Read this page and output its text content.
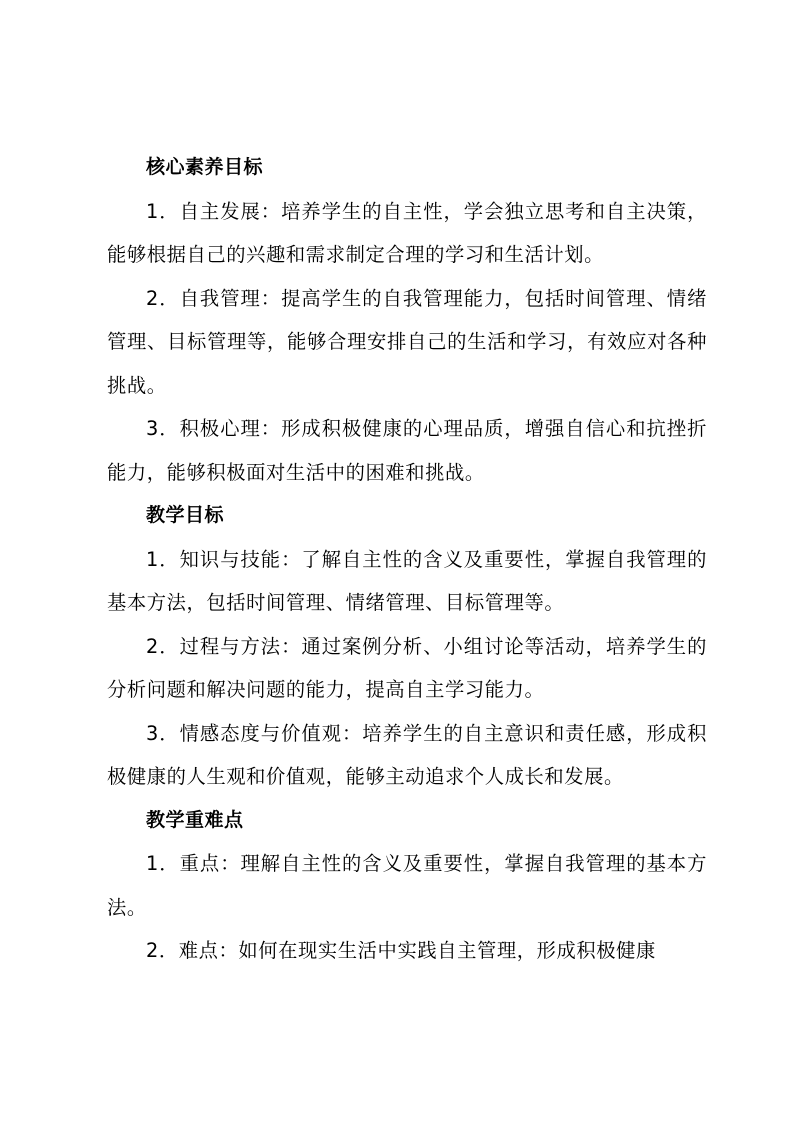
核心素养目标

1．自主发展：培养学生的自主性，学会独立思考和自主决策，能够根据自己的兴趣和需求制定合理的学习和生活计划。

2．自我管理：提高学生的自我管理能力，包括时间管理、情绪管理、目标管理等，能够合理安排自己的生活和学习，有效应对各种挑战。

3．积极心理：形成积极健康的心理品质，增强自信心和抗挫折能力，能够积极面对生活中的困难和挑战。

教学目标

1．知识与技能：了解自主性的含义及重要性，掌握自我管理的基本方法，包括时间管理、情绪管理、目标管理等。

2．过程与方法：通过案例分析、小组讨论等活动，培养学生的分析问题和解决问题的能力，提高自主学习能力。

3．情感态度与价值观：培养学生的自主意识和责任感，形成积极健康的人生观和价值观，能够主动追求个人成长和发展。

教学重难点

1．重点：理解自主性的含义及重要性，掌握自我管理的基本方法。

2．难点：如何在现实生活中实践自主管理，形成积极健康
